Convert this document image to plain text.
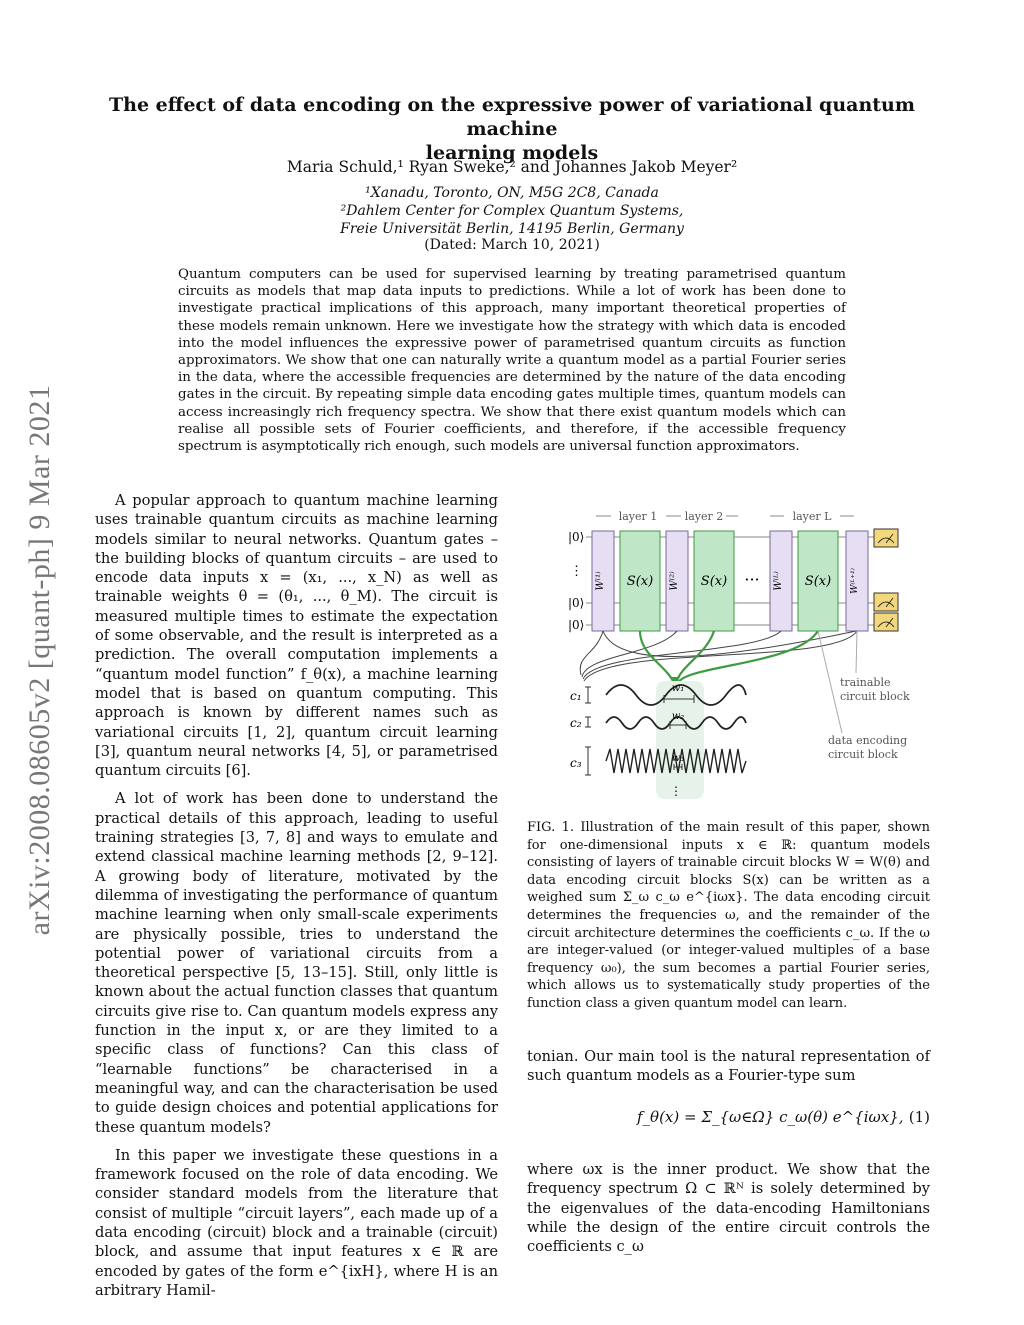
The effect of data encoding on the expressive power of variational quantum machine
learning models
Maria Schuld,¹ Ryan Sweke,² and Johannes Jakob Meyer²
¹Xanadu, Toronto, ON, M5G 2C8, Canada
²Dahlem Center for Complex Quantum Systems,
Freie Universität Berlin, 14195 Berlin, Germany
(Dated: March 10, 2021)
Quantum computers can be used for supervised learning by treating parametrised quantum circuits as models that map data inputs to predictions. While a lot of work has been done to investigate practical implications of this approach, many important theoretical properties of these models remain unknown. Here we investigate how the strategy with which data is encoded into the model influences the expressive power of parametrised quantum circuits as function approximators. We show that one can naturally write a quantum model as a partial Fourier series in the data, where the accessible frequencies are determined by the nature of the data encoding gates in the circuit. By repeating simple data encoding gates multiple times, quantum models can access increasingly rich frequency spectra. We show that there exist quantum models which can realise all possible sets of Fourier coefficients, and therefore, if the accessible frequency spectrum is asymptotically rich enough, such models are universal function approximators.
arXiv:2008.08605v2 [quant-ph] 9 Mar 2021	A popular approach to quantum machine learning uses trainable quantum circuits as machine learning models similar to neural networks. Quantum gates – the building blocks of quantum circuits – are used to encode data inputs x = (x₁, ..., x_N) as well as trainable weights θ = (θ₁, ..., θ_M). The circuit is measured multiple times to estimate the expectation of some observable, and the result is interpreted as a prediction. The overall computation implements a “quantum model function” f_θ(x), a machine learning model that is based on quantum computing. This approach is known by different names such as variational circuits [1, 2], quantum circuit learning [3], quantum neural networks [4, 5], or parametrised quantum circuits [6].

A lot of work has been done to understand the practical details of this approach, leading to useful training strategies [3, 7, 8] and ways to emulate and extend classical machine learning methods [2, 9–12]. A growing body of literature, motivated by the dilemma of investigating the performance of quantum machine learning when only small-scale experiments are physically possible, tries to understand the potential power of variational circuits from a theoretical perspective [5, 13–15]. Still, only little is known about the actual function classes that quantum circuits give rise to. Can quantum models express any function in the input x, or are they limited to a specific class of functions? Can this class of “learnable functions” be characterised in a meaningful way, and can the characterisation be used to guide design choices and potential applications for these quantum models?

In this paper we investigate these questions in a framework focused on the role of data encoding. We consider standard models from the literature that consist of multiple “circuit layers”, each made up of a data encoding (circuit) block and a trainable (circuit) block, and assume that input features x ∈ ℝ are encoded by gates of the form e^{ixH}, where H is an arbitrary Hamil-

layer 1 layer 2	layer L
|0⟩
⋮
|0⟩
|0⟩
W⁽¹⁾	W⁽²⁾	W⁽ᴸ⁾	W⁽ᴸ⁺¹⁾
S(x)	S(x) ···	S(x)
c₁
c₂
c₃
w₁
w₂
w₃
⋮
trainable
circuit block
data encoding
circuit block
FIG. 1. Illustration of the main result of this paper, shown for one-dimensional inputs x ∈ ℝ: quantum models consisting of layers of trainable circuit blocks W = W(θ) and data encoding circuit blocks S(x) can be written as a weighed sum Σ_ω c_ω e^{iωx}. The data encoding circuit determines the frequencies ω, and the remainder of the circuit architecture determines the coefficients c_ω. If the ω are integer-valued (or integer-valued multiples of a base frequency ω₀), the sum becomes a partial Fourier series, which allows us to systematically study properties of the function class a given quantum model can learn.
tonian. Our main tool is the natural representation of such quantum models as a Fourier-type sum
f_θ(x) = Σ_{ω∈Ω} c_ω(θ) e^{iωx}, (1)
where ωx is the inner product. We show that the frequency spectrum Ω ⊂ ℝᴺ is solely determined by the eigenvalues of the data-encoding Hamiltonians while the design of the entire circuit controls the coefficients c_ω
